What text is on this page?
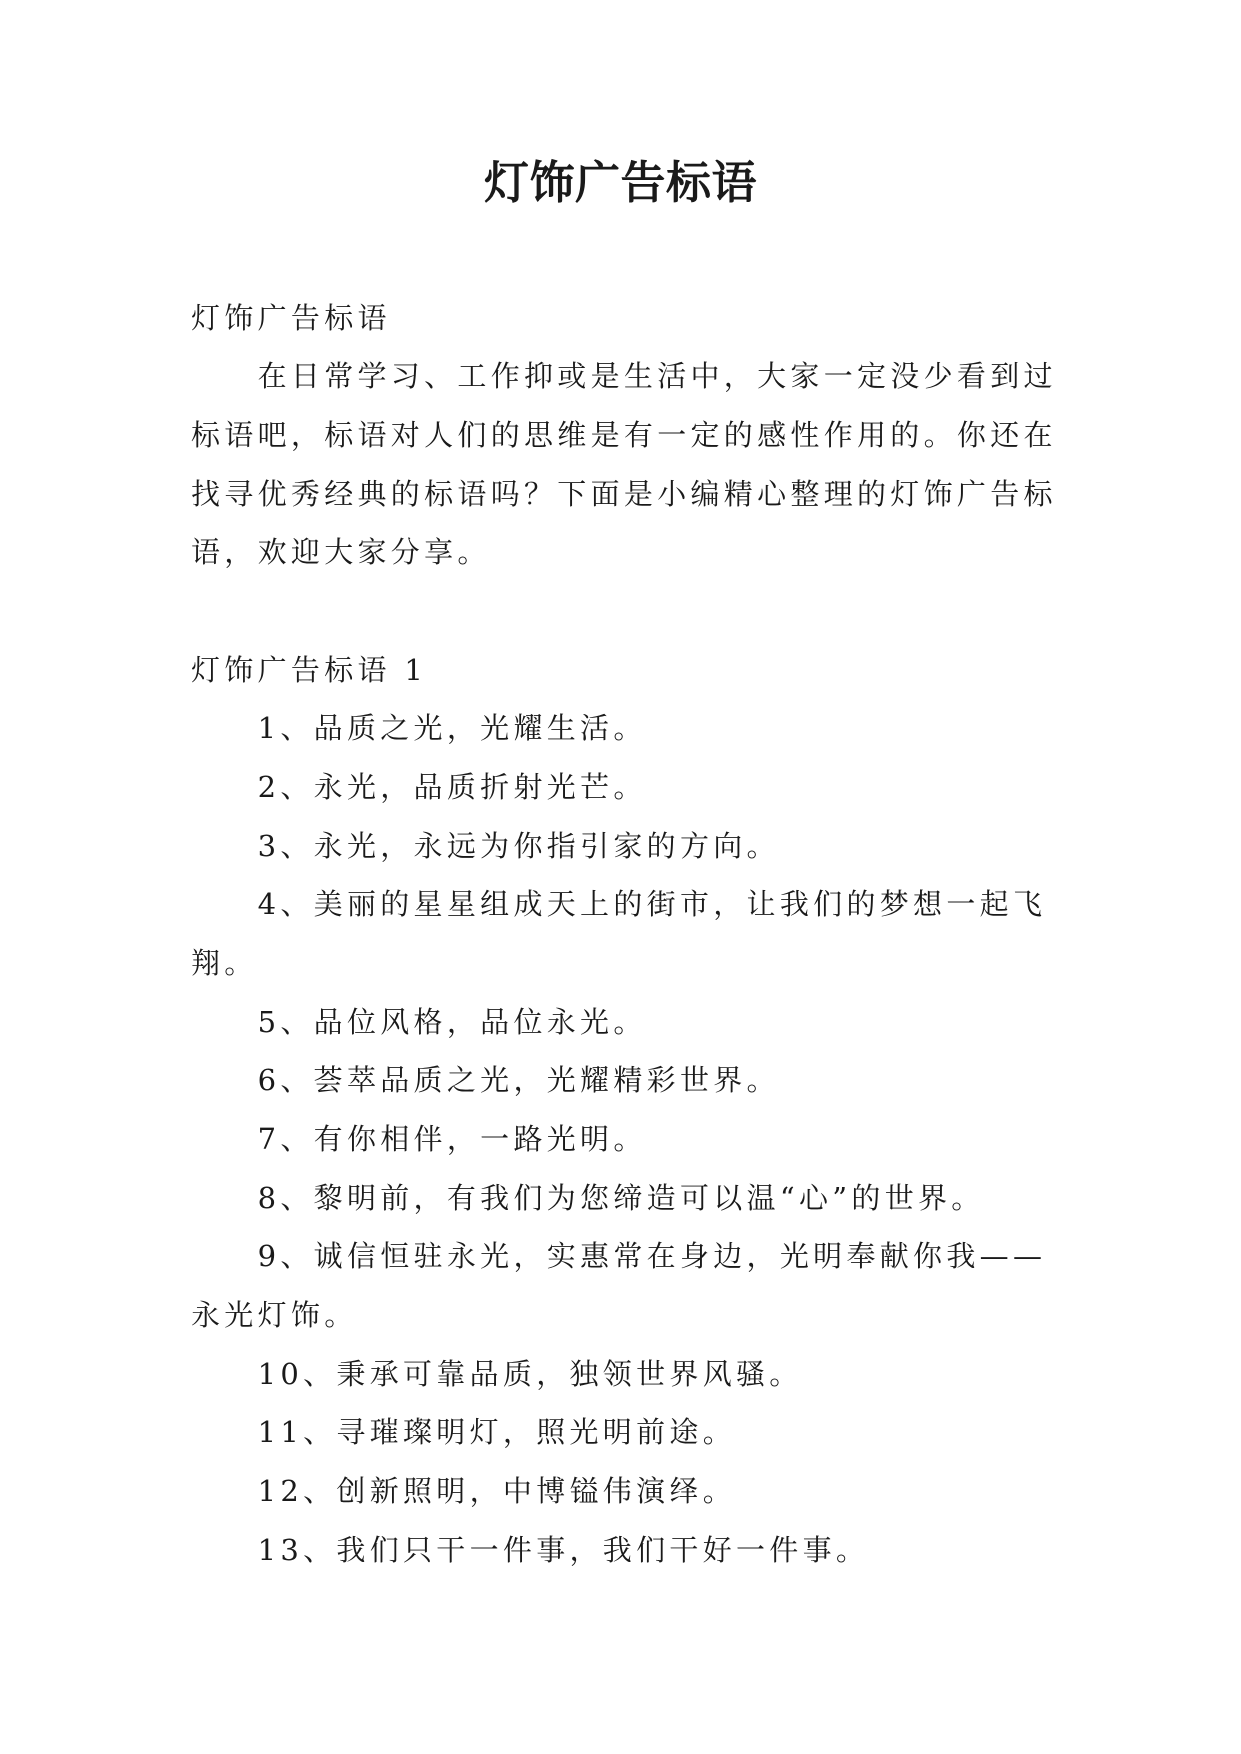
灯饰广告标语

灯饰广告标语

在日常学习、工作抑或是生活中，大家一定没少看到过标语吧，标语对人们的思维是有一定的感性作用的。你还在找寻优秀经典的标语吗？下面是小编精心整理的灯饰广告标语，欢迎大家分享。

灯饰广告标语 1

1、品质之光，光耀生活。

2、永光，品质折射光芒。

3、永光，永远为你指引家的方向。

4、美丽的星星组成天上的街市，让我们的梦想一起飞翔。

5、品位风格，品位永光。

6、荟萃品质之光，光耀精彩世界。

7、有你相伴，一路光明。

8、黎明前，有我们为您缔造可以温“心”的世界。

9、诚信恒驻永光，实惠常在身边，光明奉献你我——永光灯饰。

10、秉承可靠品质，独领世界风骚。

11、寻璀璨明灯，照光明前途。

12、创新照明，中博镒伟演绎。

13、我们只干一件事，我们干好一件事。
